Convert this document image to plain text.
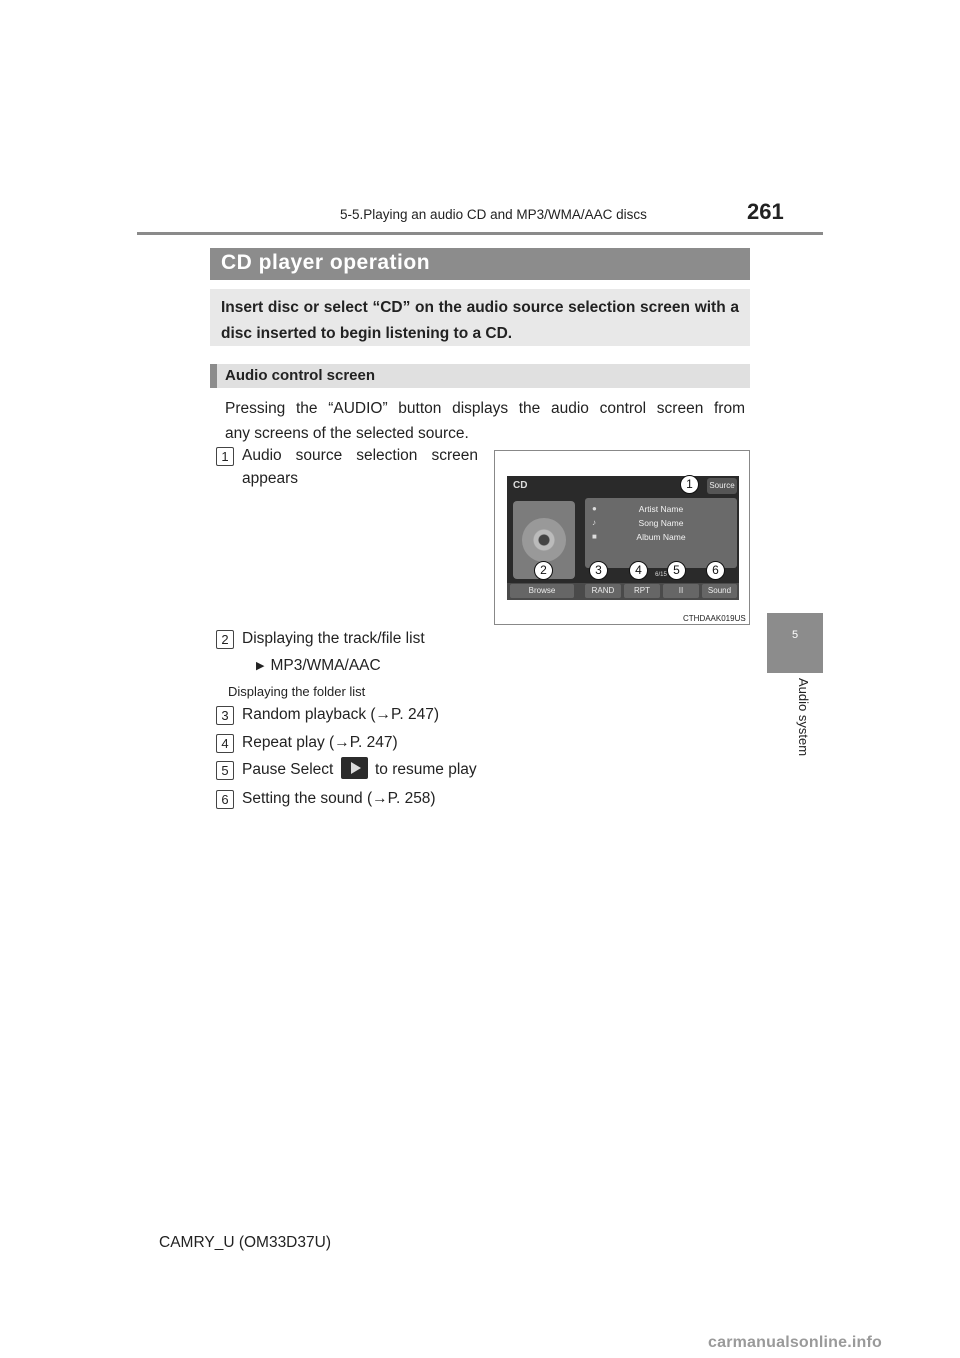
5-5.Playing an audio CD and MP3/WMA/AAC discs	261
5
Audio system
CD player operation
Insert disc or select “CD” on the audio source selection screen with a disc inserted to begin listening to a CD.
Audio control screen
Pressing the “AUDIO” button displays the audio control screen from
any screens of the selected source.
1 Audio source selection screen
appears	CD	Source
●	Artist Name
♪	Song Name
■	Album Name
6/15
Browse	RAND	RPT	II	Sound
1
2	3	4	5	6
CTHDAAK019US
2 Displaying the track/file list
▶ MP3/WMA/AAC
Displaying the folder list
3 Random playback (→P. 247)
4 Repeat play (→P. 247)
5 Pause Select	to resume play
6 Setting the sound (→P. 258)
CAMRY_U (OM33D37U)
carmanualsonline.info
